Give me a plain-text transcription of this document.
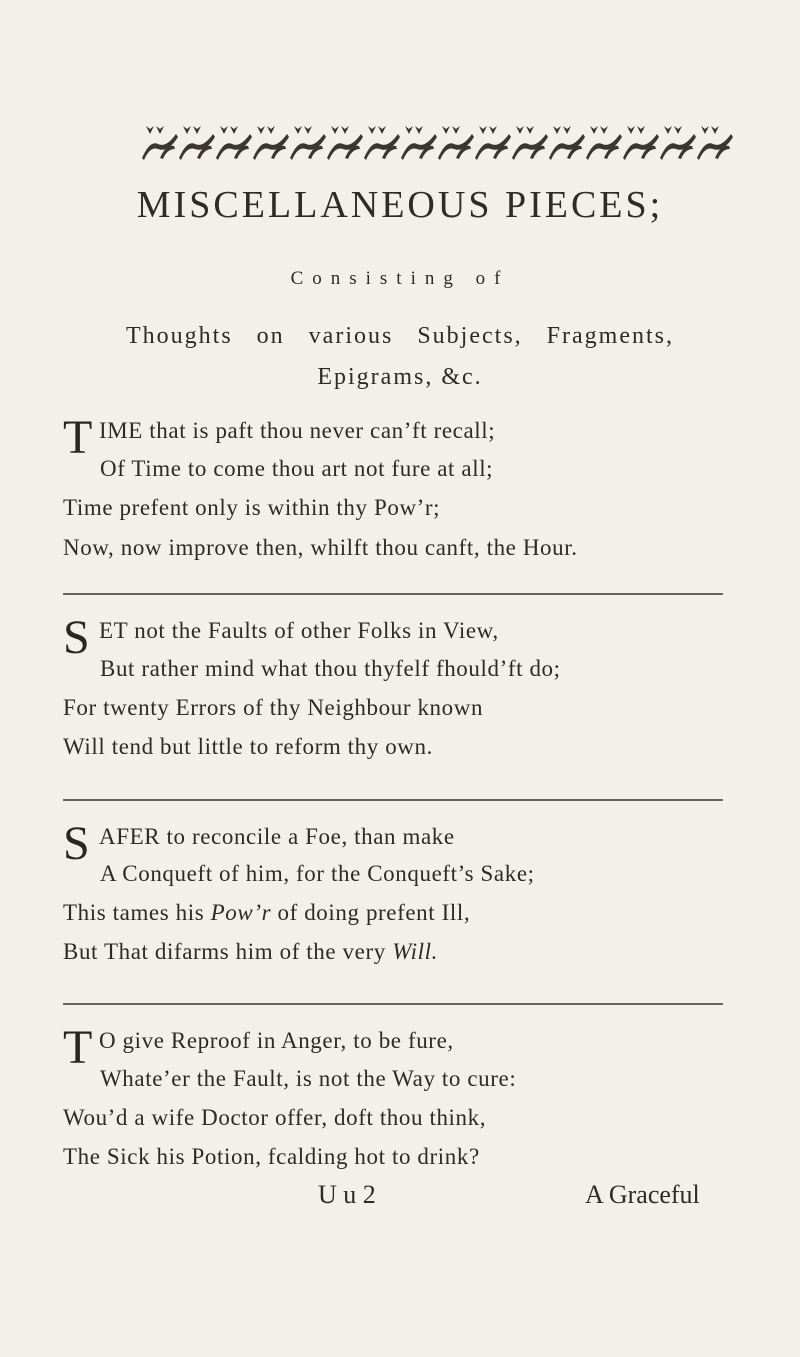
MISCELLANEOUS PIECES;

Consisting of

Thoughts on various Subjects, Fragments,

Epigrams, &c.

T IME that is paft thou never can’ft recall;
Of Time to come thou art not fure at all;
Time prefent only is within thy Pow’r;
Now, now improve then, whilft thou canft, the Hour.
S ET not the Faults of other Folks in View,
But rather mind what thou thyfelf fhould’ft do;
For twenty Errors of thy Neighbour known
Will tend but little to reform thy own.
S AFER to reconcile a Foe, than make
A Conqueft of him, for the Conqueft’s Sake;
This tames his Pow’r of doing prefent Ill,
But That difarms him of the very Will.
T O give Reproof in Anger, to be fure,
Whate’er the Fault, is not the Way to cure:
Wou’d a wife Doctor offer, doft thou think,
The Sick his Potion, fcalding hot to drink?
U u 2	A Graceful
